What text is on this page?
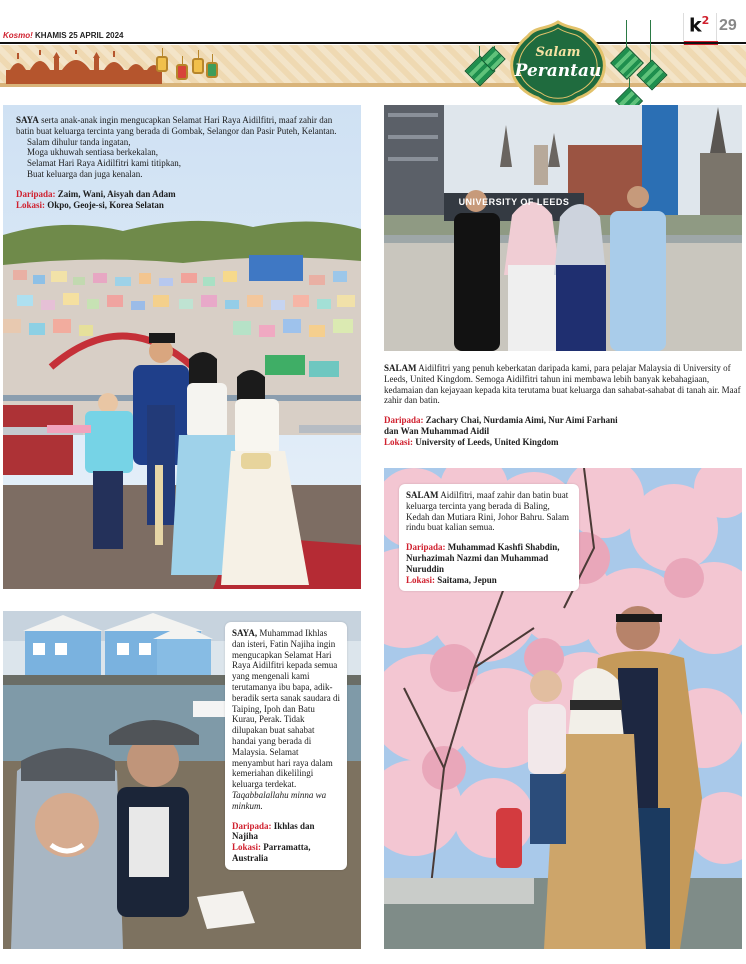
Kosmo! KHAMIS 25 APRIL 2024	$k^2$ 29
Salam
Perantau

SAYA serta anak-anak ingin mengucapkan Selamat Hari Raya Aidilfitri, maaf zahir dan batin buat keluarga tercinta yang berada di Gombak, Selangor dan Pasir Puteh, Kelantan.

Salam dihulur tanda ingatan,
Moga ukhuwah sentiasa berkekalan,
Selamat Hari Raya Aidilfitri kami titipkan,
Buat keluarga dan juga kenalan.
Daripada: Zaim, Wani, Aisyah dan Adam
Lokasi: Okpo, Geoje-si, Korea Selatan	UNIVERSITY OF LEEDS

SALAM Aidilfitri yang penuh keberkatan daripada kami, para pelajar Malaysia di University of Leeds, United Kingdom. Semoga Aidilfitri tahun ini membawa lebih banyak kebahagiaan, kedamaian dan kejayaan kepada kita terutama buat keluarga dan sahabat-sahabat di tanah air. Maaf zahir dan batin.

Daripada: Zachary Chai, Nurdamia Aimi, Nur Aimi Farhani
dan Wan Muhammad Aidil
Lokasi: University of Leeds, United Kingdom

SAYA, Muhammad Ikhlas dan isteri, Fatin Najiha ingin mengucapkan Selamat Hari Raya Aidilfitri kepada semua yang mengenali kami terutamanya ibu bapa, adik-beradik serta sanak saudara di Taiping, Ipoh dan Batu Kurau, Perak. Tidak dilupakan buat sahabat handai yang berada di Malaysia. Selamat menyambut hari raya dalam kemeriahan dikelilingi keluarga terdekat. Taqabbalallahu minna wa minkum.

Daripada: Ikhlas dan Najiha
Lokasi: Parramatta, Australia

SALAM Aidilfitri, maaf zahir dan batin buat keluarga tercinta yang berada di Baling, Kedah dan Mutiara Rini, Johor Bahru. Salam rindu buat kalian semua.

Daripada: Muhammad Kashfi Shabdin, Nurhazimah Nazmi dan Muhammad Nuruddin
Lokasi: Saitama, Jepun
